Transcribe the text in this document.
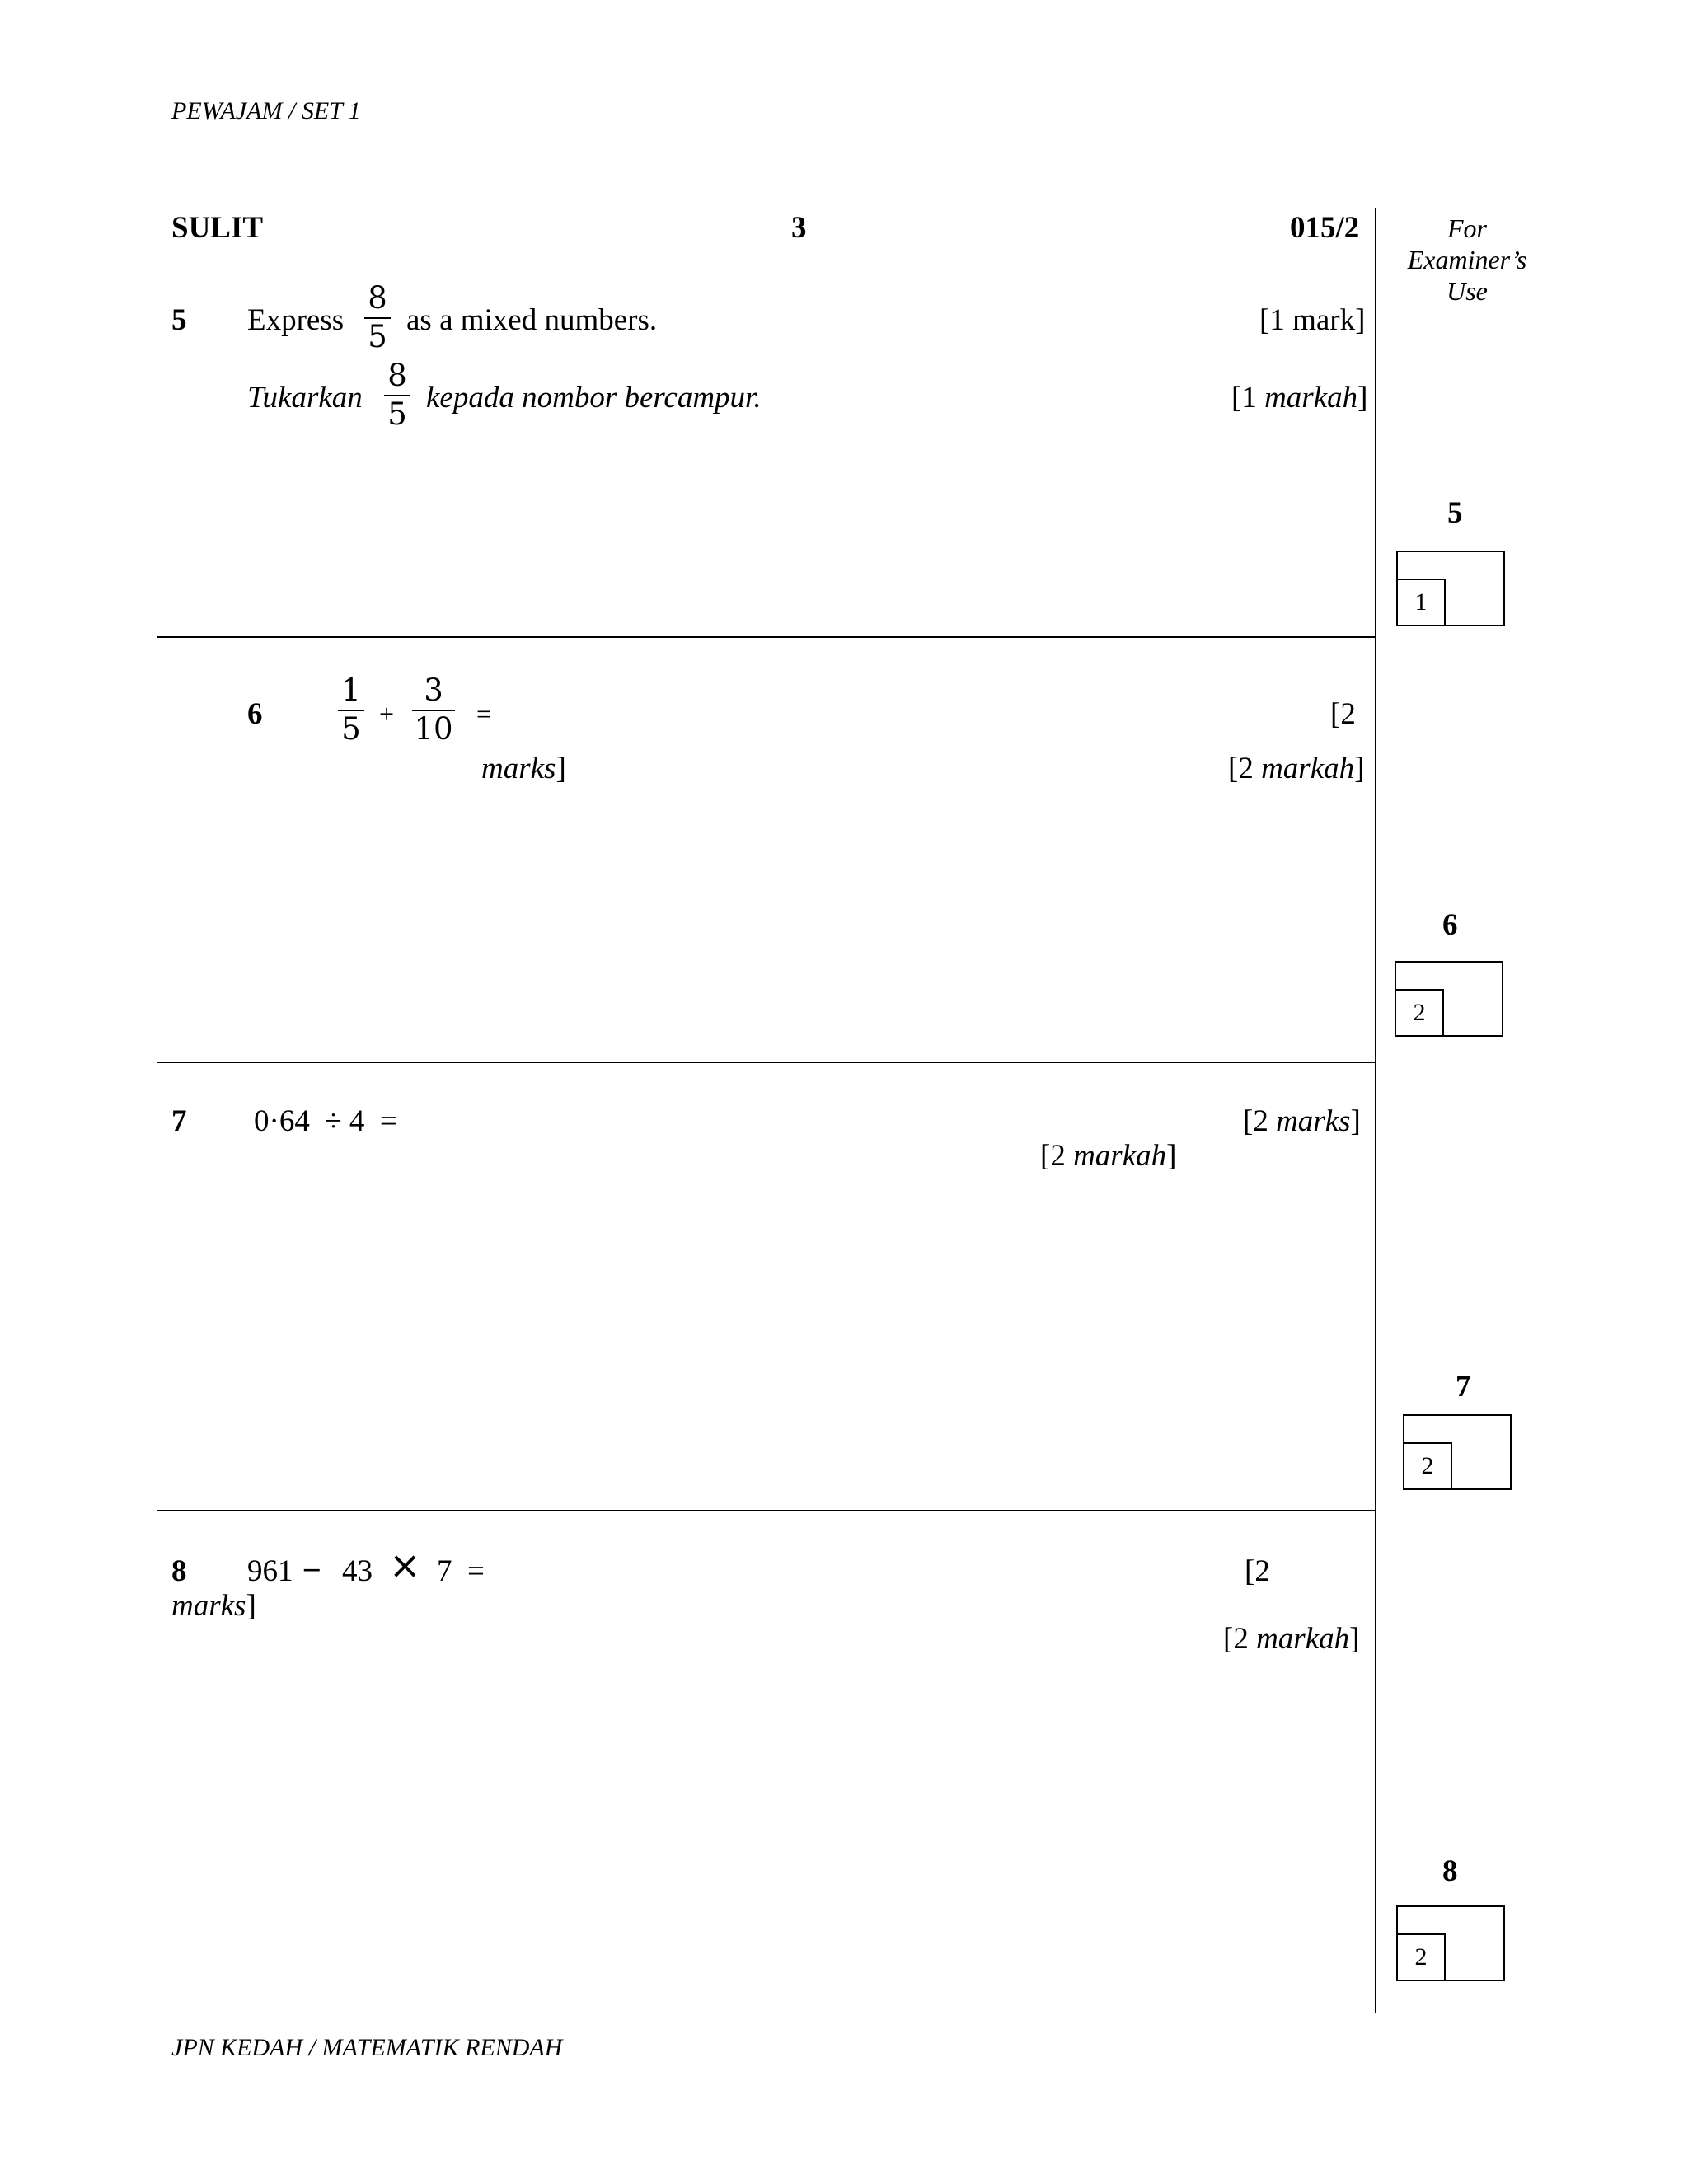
PEWAJAM / SET 1
SULIT	3	015/2	For
Examiner’s
Use
5 Express
8
5 as a mixed numbers.	[1 mark]
Tukarkan
8
5 kepada nombor bercampur.	[1 markah]
5
1
6
1
5 +
3
10 =	[2
marks]	[2 markah]
6
2
7 0·64  ÷ 4  =	[2 marks]
[2 markah]
7
2
8 961 – 43 × 7  =	[2
marks]
[2 markah]
8
2
JPN KEDAH / MATEMATIK RENDAH
